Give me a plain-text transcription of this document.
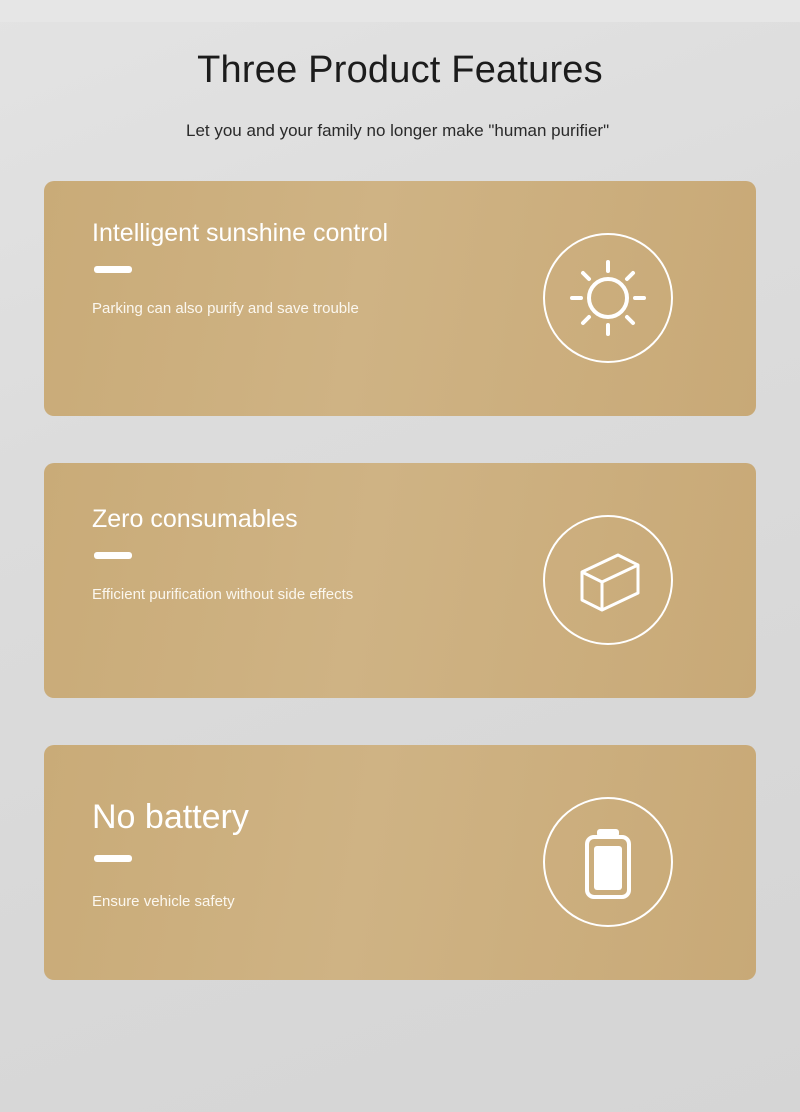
Three Product Features

Let you and your family no longer make "human purifier"

Intelligent sunshine control

Parking can also purify and save trouble

Zero consumables

Efficient purification without side effects

No battery

Ensure vehicle safety
